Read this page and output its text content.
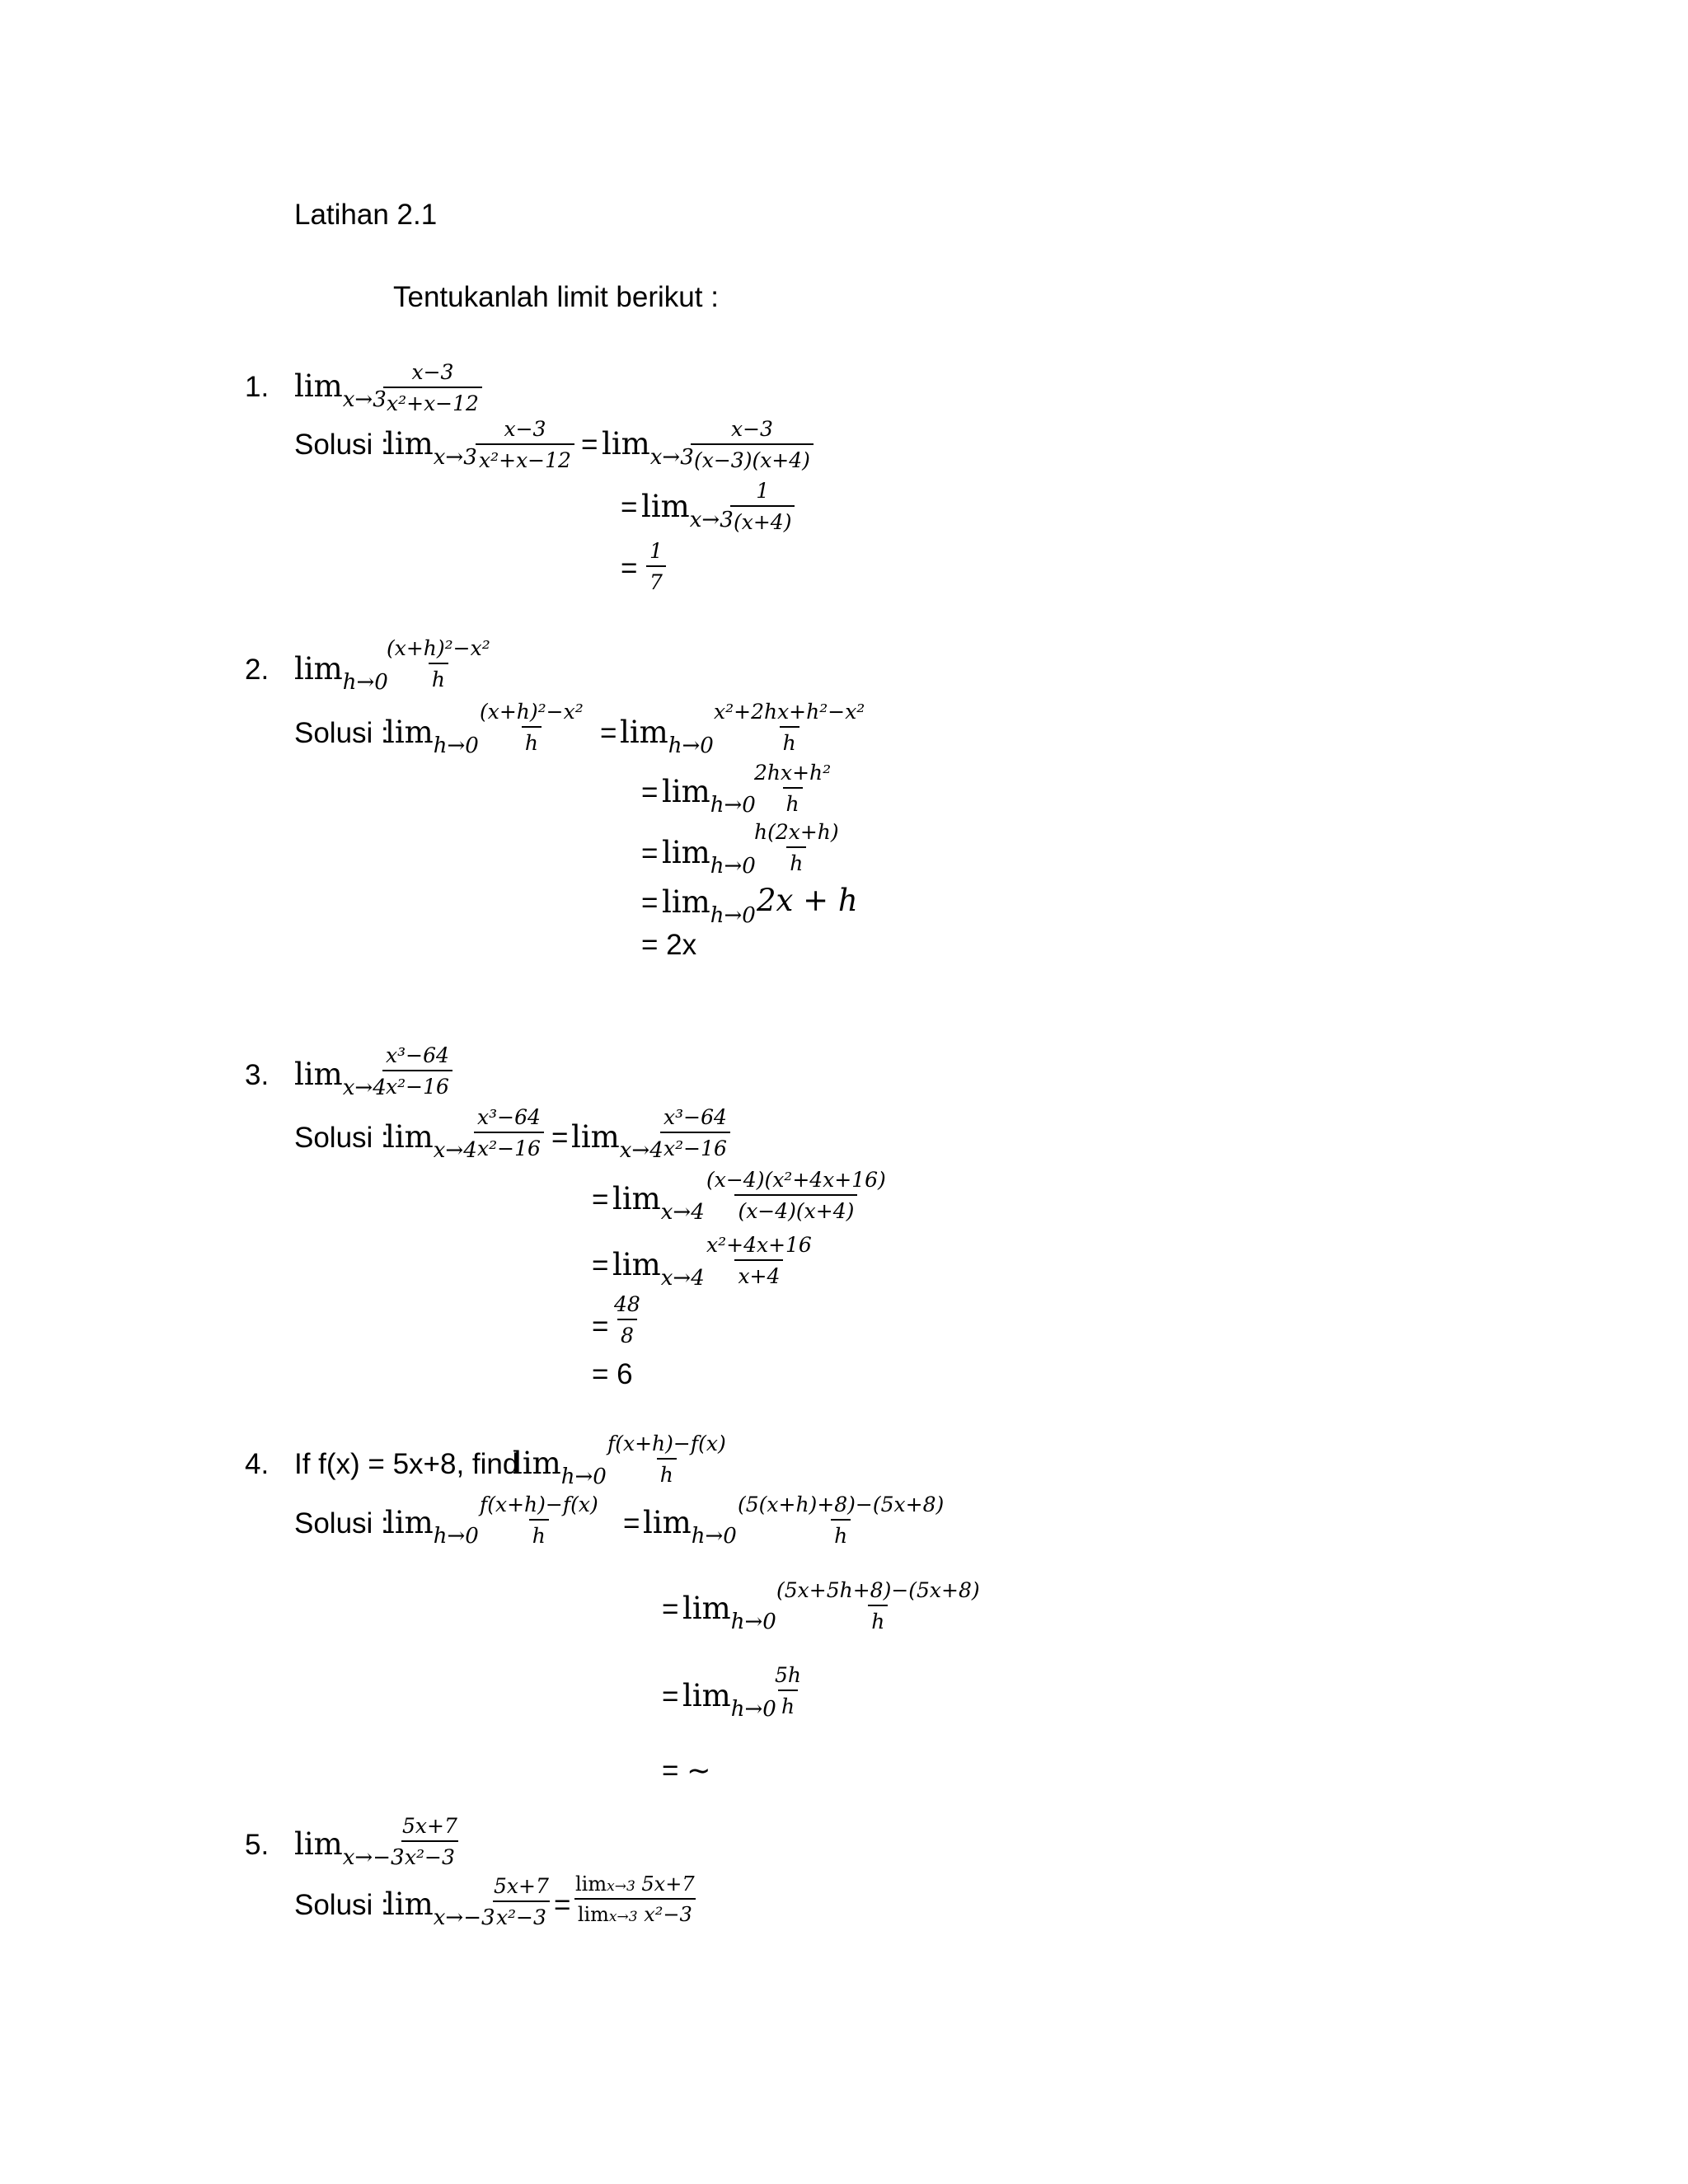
Latihan 2.1
Tentukanlah limit berikut :
1. $\lim_{x\to 3}$
$\frac{x-3}{\text{x²+x−12}}$
Solusi :
$\lim_{x\to 3}$
$\frac{x-3}{\text{x²+x−12}} = \lim_{x\to 3}$
$\frac{x-3}{(x-3)(x+4)}$
= $\lim_{x\to 3}$
$\frac{1}{(x+4)}$
= $\frac{1}{7}$
2. $\lim_{h\to 0}$
$\frac{\text{(x+h)²−x²}}{h}$
Solusi :
$\lim_{h\to 0}$
$\frac{\text{(x+h)²−x²}}{h} = \lim_{h\to 0}$
$\frac{\text{x²+2hx+h²−x²}}{h}$
= $\lim_{h\to 0}$
$\frac{\text{2hx+h²}}{h}$
= $\lim_{h\to 0}$
$\frac{h(2x+h)}{h}$
= $\lim_{h\to 0} 2x + h$
= 2x
3. $\lim_{x\to 4}$
$\frac{\text{x³−64}}{\text{x²−16}}$
Solusi :
$\lim_{x\to 4}$
$\frac{\text{x³−64}}{\text{x²−16}} = \lim_{x\to 4}$
$\frac{\text{x³−64}}{\text{x²−16}}$
= $\lim_{x\to 4}$
$\frac{\text{(x−4)(x²+4x+16)}}{(x-4)(x+4)}$
= $\lim_{x\to 4}$
$\frac{\text{x²+4x+16}}{x+4}$
= $\frac{48}{8}$
= 6
4. If f(x) = 5x+8, find
$\lim_{h\to 0}$
$\frac{f(x+h)-f(x)}{h}$
Solusi :
$\lim_{h\to 0}$
$\frac{f(x+h)-f(x)}{h} = \lim_{h\to 0}$
$\frac{(5(x+h)+8)-(5x+8)}{h}$
= $\lim_{h\to 0}$
$\frac{(5x+5h+8)-(5x+8)}{h}$
= $\lim_{h\to 0}$
$\frac{5h}{h}$
= ∼
5. $\lim_{x\to-3}$
$\frac{5x+7}{\text{x²−3}}$
Solusi :
$\lim_{x\to-3}$
$\frac{5x+7}{\text{x²−3}} = \frac{\lim x\to 3 5x+7}{\text{limx→3 x²−3}}$
